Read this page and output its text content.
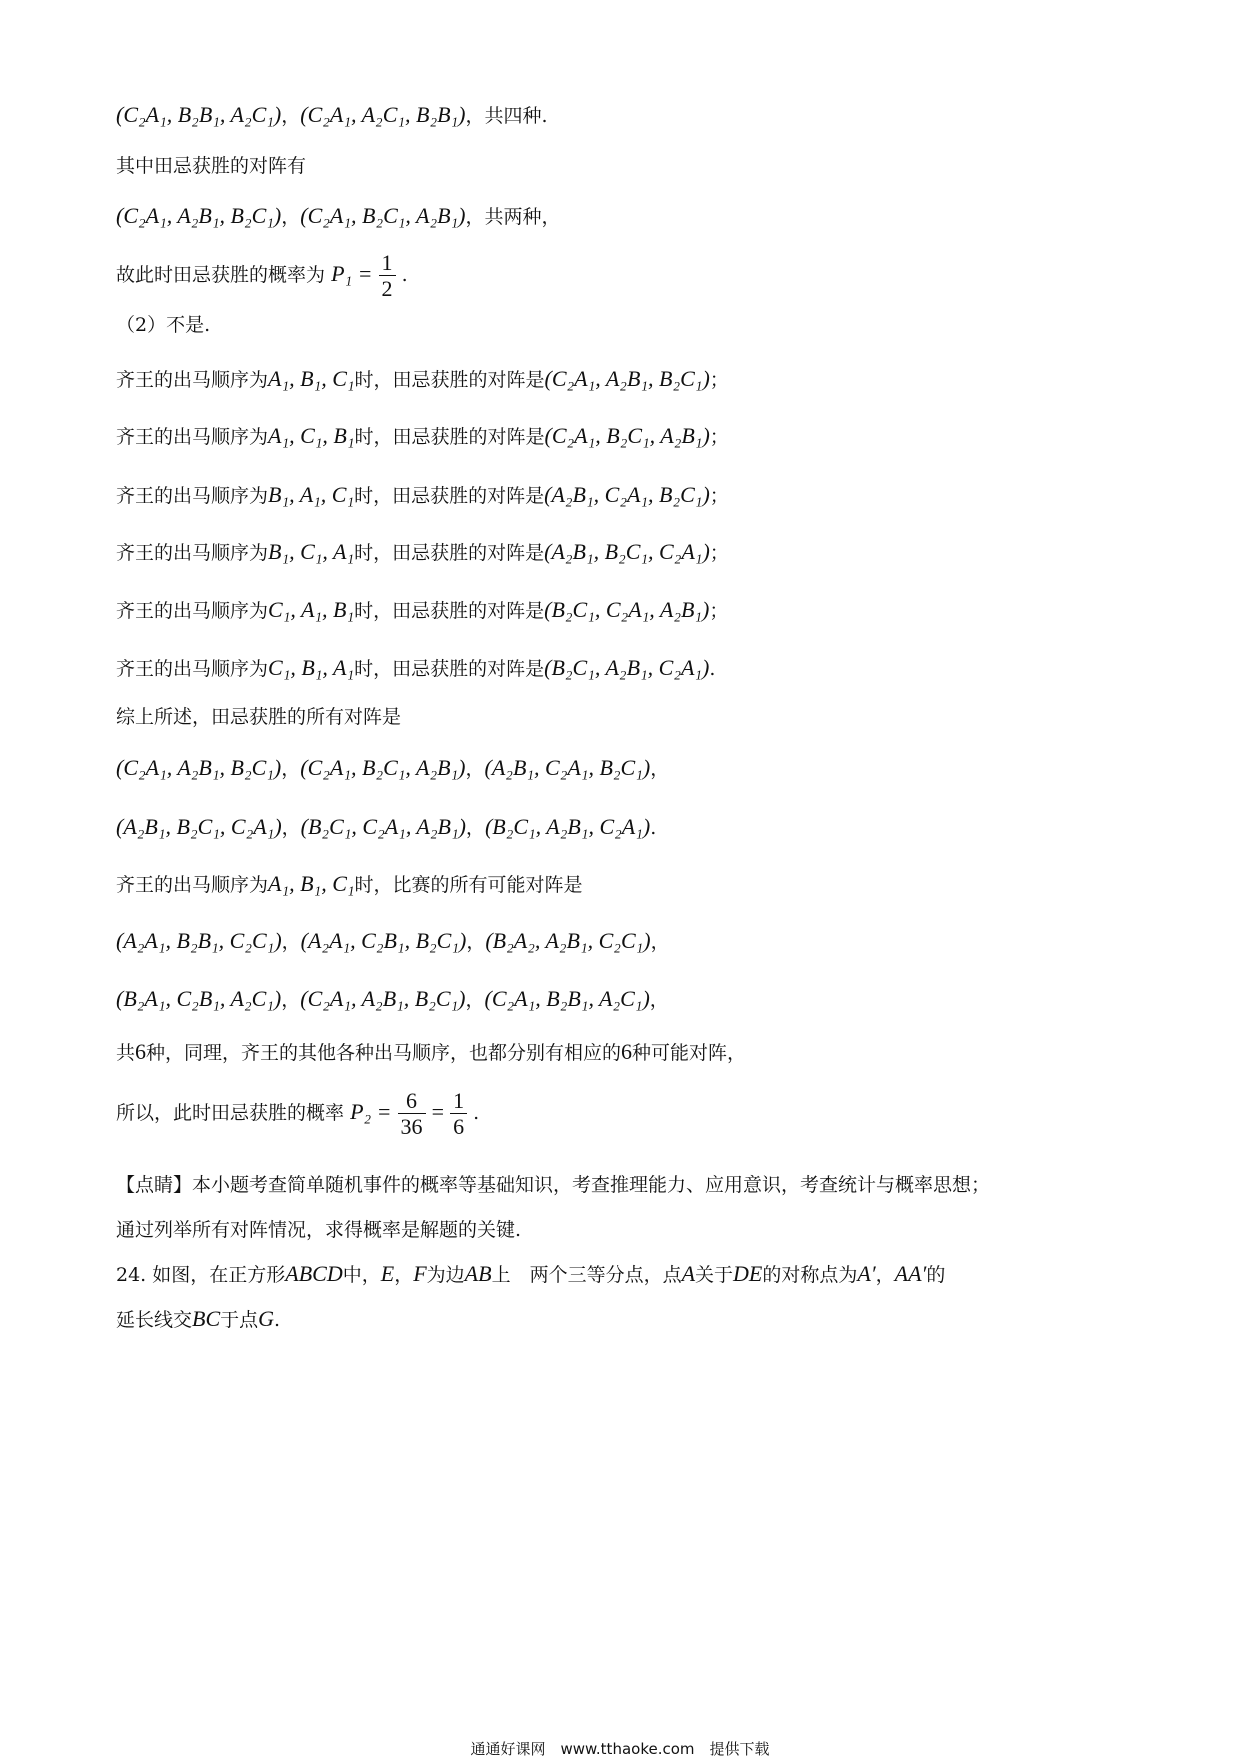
(C₂A₁, B₂B₁, A₂C₁)，(C₂A₁, A₂C₁, B₂B₁)，共四种.
其中田忌获胜的对阵有
(C₂A₁, A₂B₁, B₂C₁)，(C₂A₁, B₂C₁, A₂B₁)，共两种，
故此时田忌获胜的概率为 $P_1 = \frac{1}{2}$ .
（2）不是.
齐王的出马顺序为A₁, B₁, C₁时，田忌获胜的对阵是(C₂A₁, A₂B₁, B₂C₁)；
齐王的出马顺序为A₁, C₁, B₁时，田忌获胜的对阵是(C₂A₁, B₂C₁, A₂B₁)；
齐王的出马顺序为B₁, A₁, C₁时，田忌获胜的对阵是(A₂B₁, C₂A₁, B₂C₁)；
齐王的出马顺序为B₁, C₁, A₁时，田忌获胜的对阵是(A₂B₁, B₂C₁, C₂A₁)；
齐王的出马顺序为C₁, A₁, B₁时，田忌获胜的对阵是(B₂C₁, C₂A₁, A₂B₁)；
齐王的出马顺序为C₁, B₁, A₁时，田忌获胜的对阵是(B₂C₁, A₂B₁, C₂A₁).
综上所述，田忌获胜的所有对阵是
(C₂A₁, A₂B₁, B₂C₁)，(C₂A₁, B₂C₁, A₂B₁)，(A₂B₁, C₂A₁, B₂C₁)，
(A₂B₁, B₂C₁, C₂A₁)，(B₂C₁, C₂A₁, A₂B₁)，(B₂C₁, A₂B₁, C₂A₁).
齐王的出马顺序为A₁, B₁, C₁时，比赛的所有可能对阵是
(A₂A₁, B₂B₁, C₂C₁)，(A₂A₁, C₂B₁, B₂C₁)，(B₂A₂, A₂B₁, C₂C₁)，
(B₂A₁, C₂B₁, A₂C₁)，(C₂A₁, A₂B₁, B₂C₁)，(C₂A₁, B₂B₁, A₂C₁)，
共6种，同理，齐王的其他各种出马顺序，也都分别有相应的6种可能对阵，
所以，此时田忌获胜的概率 $P_2 = \frac{6}{36} = \frac{1}{6}$ .
【点睛】本小题考查简单随机事件的概率等基础知识，考查推理能力、应用意识，考查统计与概率思想；
通过列举所有对阵情况，求得概率是解题的关键.
24. 如图，在正方形ABCD中，E，F为边AB上　两个三等分点，点A关于DE的对称点为A′，AA′的
延长线交BC于点G.
通通好课网　www.tthaoke.com　提供下载
